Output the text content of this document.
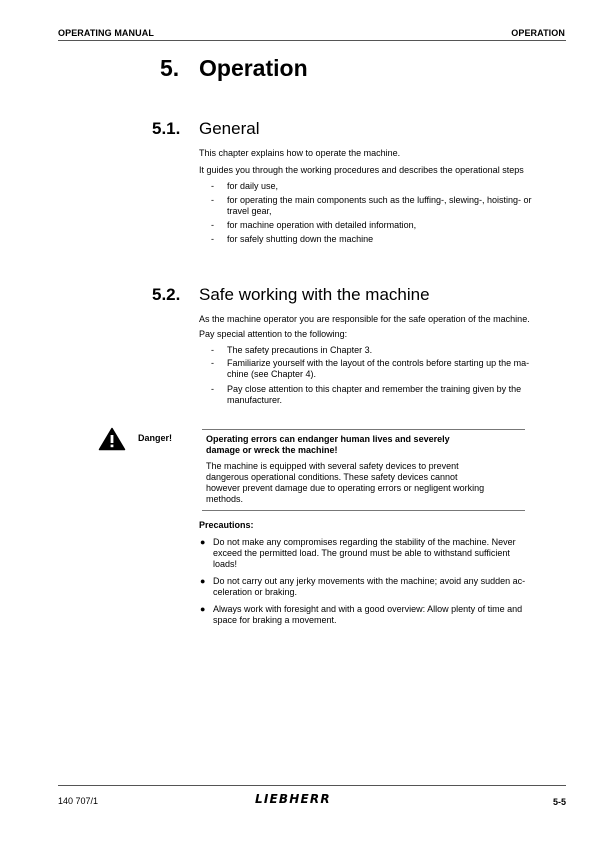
OPERATING MANUAL	OPERATION
5. Operation
5.1. General
This chapter explains how to operate the machine.
It guides you through the working procedures and describes the operational steps
- for daily use,
- for operating the main components such as the luffing-, slewing-, hoisting- or
travel gear,
- for machine operation with detailed information,
- for safely shutting down the machine
5.2. Safe working with the machine
As the machine operator you are responsible for the safe operation of the machine.
Pay special attention to the following:
- The safety precautions in Chapter 3.
- Familiarize yourself with the layout of the controls before starting up the ma-
chine (see Chapter 4).
- Pay close attention to this chapter and remember the training given by the
manufacturer.
Danger!	Operating errors can endanger human lives and severely
damage or wreck the machine!
The machine is equipped with several safety devices to prevent
dangerous operational conditions. These safety devices cannot
however prevent damage due to operating errors or negligent working
methods.
Precautions:
● Do not make any compromises regarding the stability of the machine. Never
exceed the permitted load. The ground must be able to withstand sufficient
loads!
● Do not carry out any jerky movements with the machine; avoid any sudden ac-
celeration or braking.
● Always work with foresight and with a good overview: Allow plenty of time and
space for braking a movement.
140 707/1	LIEBHERR	5-5
